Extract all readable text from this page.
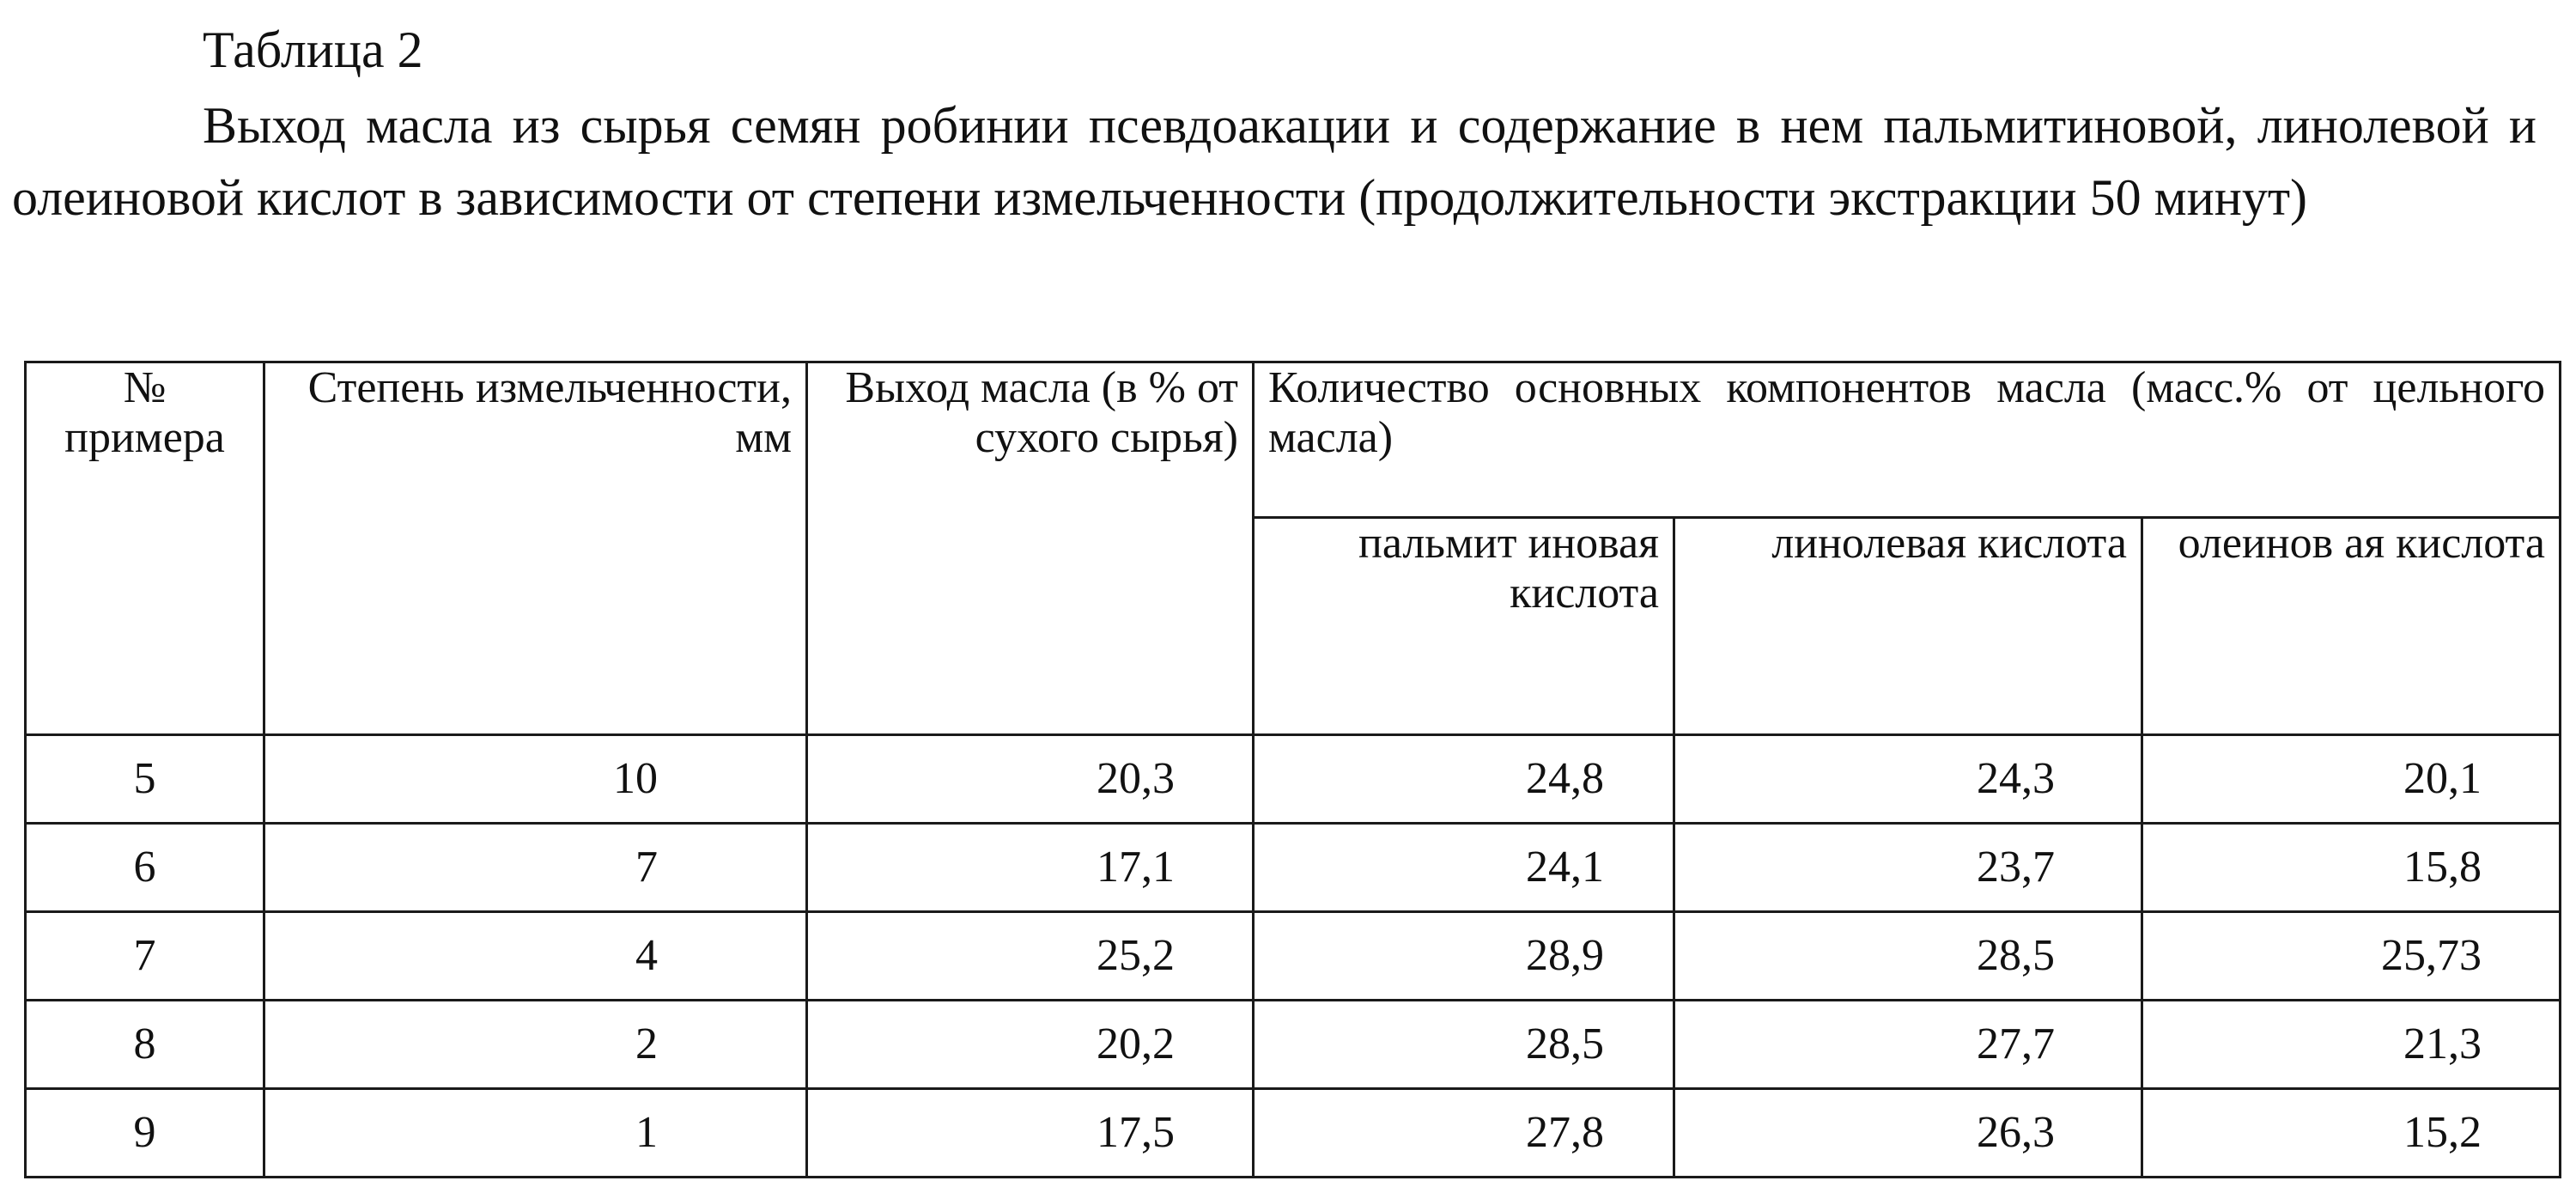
Таблица 2
Выход масла из сырья семян робинии псевдоакации и содержание в нем пальмитиновой, линолевой и олеиновой кислот в зависимости от степени измельченности (продолжительности экстракции 50 минут)
№ примера	Степень измельченности, мм	Выход масла (в % от сухого сырья)	Количество основных компонентов масла (масс.% от цельного масла)		
			пальмит иновая кислота	линолевая кислота	олеинов ая кислота
5	10	20,3	24,8	24,3	20,1
6	7	17,1	24,1	23,7	15,8
7	4	25,2	28,9	28,5	25,73
8	2	20,2	28,5	27,7	21,3
9	1	17,5	27,8	26,3	15,2
